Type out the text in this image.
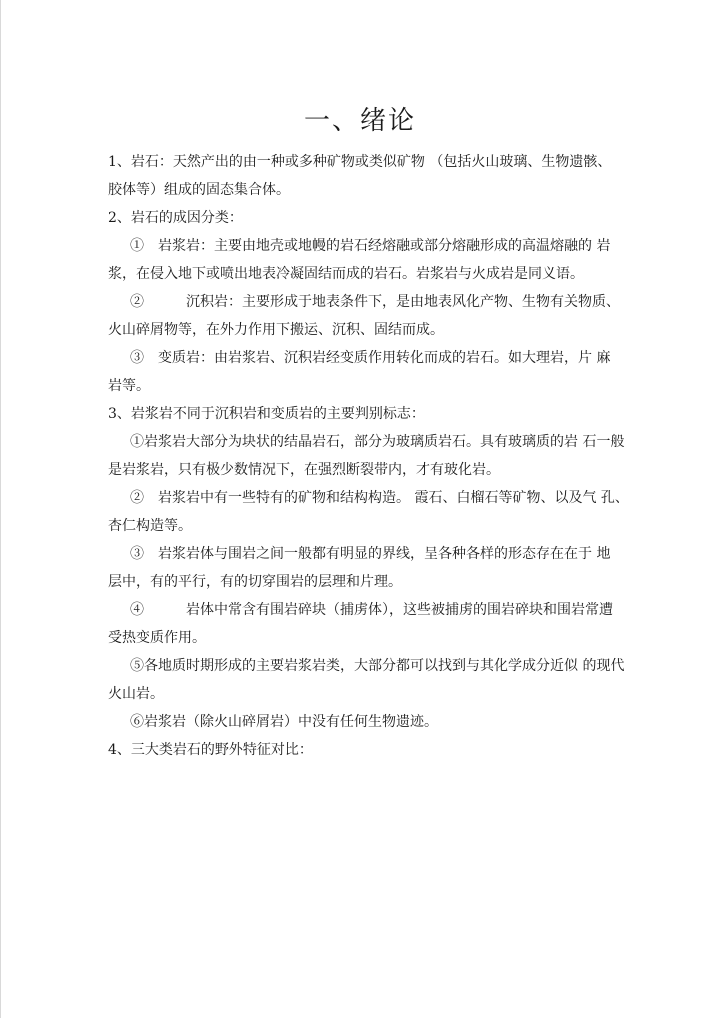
一、绪论
1、岩石：天然产出的由一种或多种矿物或类似矿物 （包括火山玻璃、生物遗骸、
胶体等）组成的固态集合体。
2、岩石的成因分类：
①　岩浆岩：主要由地壳或地幔的岩石经熔融或部分熔融形成的高温熔融的 岩
浆，在侵入地下或喷出地表冷凝固结而成的岩石。岩浆岩与火成岩是同义语。
②　　　沉积岩：主要形成于地表条件下，是由地表风化产物、生物有关物质、
火山碎屑物等，在外力作用下搬运、沉积、固结而成。
③　变质岩：由岩浆岩、沉积岩经变质作用转化而成的岩石。如大理岩，片 麻
岩等。
3、岩浆岩不同于沉积岩和变质岩的主要判别标志：
①岩浆岩大部分为块状的结晶岩石，部分为玻璃质岩石。具有玻璃质的岩 石一般
是岩浆岩，只有极少数情况下，在强烈断裂带内，才有玻化岩。
②　岩浆岩中有一些特有的矿物和结构构造。 霞石、白榴石等矿物、以及气 孔、
杏仁构造等。
③　岩浆岩体与围岩之间一般都有明显的界线，呈各种各样的形态存在在于 地
层中，有的平行，有的切穿围岩的层理和片理。
④　　　岩体中常含有围岩碎块（捕虏体），这些被捕虏的围岩碎块和围岩常遭
受热变质作用。
⑤各地质时期形成的主要岩浆岩类，大部分都可以找到与其化学成分近似 的现代
火山岩。
⑥岩浆岩（除火山碎屑岩）中没有任何生物遗迹。
4、三大类岩石的野外特征对比：
